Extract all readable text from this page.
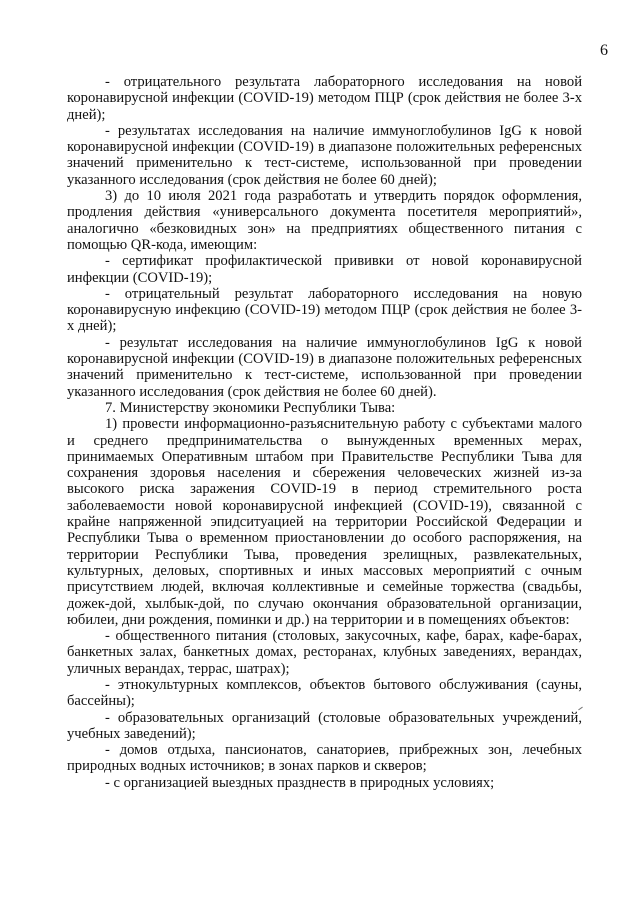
6

- отрицательного результата лабораторного исследования на новой коронавирусной инфекции (COVID-19) методом ПЦР (срок действия не более 3-х дней);

- результатах исследования на наличие иммуноглобулинов IgG к новой коронавирусной инфекции (COVID-19) в диапазоне положительных референсных значений применительно к тест-системе, использованной при проведении указанного исследования (срок действия не более 60 дней);

3) до 10 июля 2021 года разработать и утвердить порядок оформления, продления действия «универсального документа посетителя мероприятий», аналогично «безковидных зон» на предприятиях общественного питания с помощью QR-кода, имеющим:

- сертификат профилактической прививки от новой коронавирусной инфекции (COVID-19);

- отрицательный результат лабораторного исследования на новую коронавирусную инфекцию (COVID-19) методом ПЦР (срок действия не более 3-х дней);

- результат исследования на наличие иммуноглобулинов IgG к новой коронавирусной инфекции (COVID-19) в диапазоне положительных референсных значений применительно к тест-системе, использованной при проведении указанного исследования (срок действия не более 60 дней).

7. Министерству экономики Республики Тыва:

1) провести информационно-разъяснительную работу с субъектами малого и среднего предпринимательства о вынужденных временных мерах, принимаемых Оперативным штабом при Правительстве Республики Тыва для сохранения здоровья населения и сбережения человеческих жизней из-за высокого риска заражения COVID-19 в период стремительного роста заболеваемости новой коронавирусной инфекцией (COVID-19), связанной с крайне напряженной эпидситуацией на территории Российской Федерации и Республики Тыва о временном приостановлении до особого распоряжения, на территории Республики Тыва, проведения зрелищных, развлекательных, культурных, деловых, спортивных и иных массовых мероприятий с очным присутствием людей, включая коллективные и семейные торжества (свадьбы, дожек-дой, хылбык-дой, по случаю окончания образовательной организации, юбилеи, дни рождения, поминки и др.) на территории и в помещениях объектов:

- общественного питания (столовых, закусочных, кафе, барах, кафе-барах, банкетных залах, банкетных домах, ресторанах, клубных заведениях, верандах, уличных верандах, террас, шатрах);

- этнокультурных комплексов, объектов бытового обслуживания (сауны, бассейны);

- образовательных организаций (столовые образовательных учреждений, учебных заведений);

- домов отдыха, пансионатов, санаториев, прибрежных зон, лечебных природных водных источников; в зонах парков и скверов;

- с организацией выездных празднеств в природных условиях;
